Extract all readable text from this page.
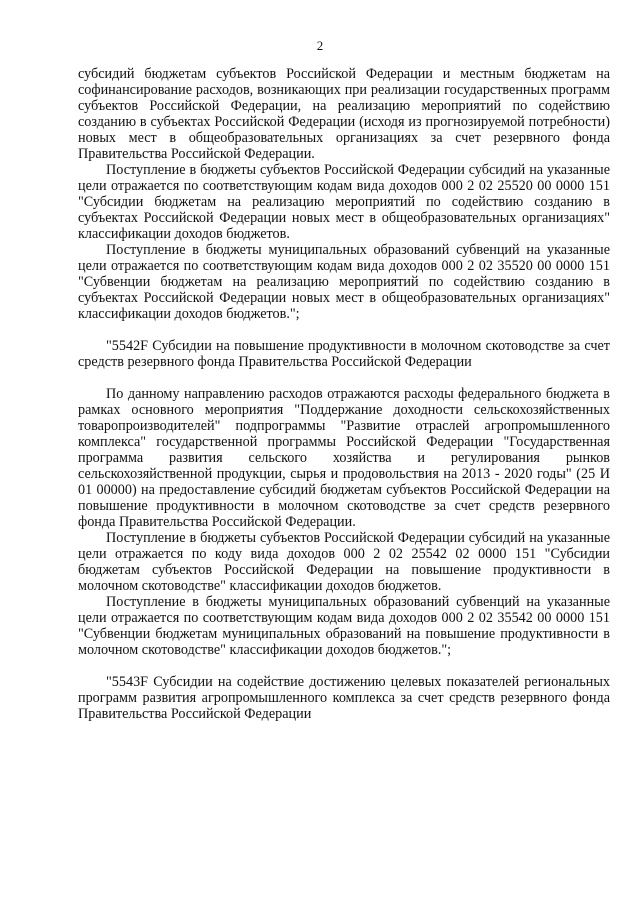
2

субсидий бюджетам субъектов Российской Федерации и местным бюджетам на софинансирование расходов, возникающих при реализации государственных программ субъектов Российской Федерации, на реализацию мероприятий по содействию созданию в субъектах Российской Федерации (исходя из прогнозируемой потребности) новых мест в общеобразовательных организациях за счет резервного фонда Правительства Российской Федерации.

Поступление в бюджеты субъектов Российской Федерации субсидий на указанные цели отражается по соответствующим кодам вида доходов 000 2 02 25520 00 0000 151 "Субсидии бюджетам на реализацию мероприятий по содействию созданию в субъектах Российской Федерации новых мест в общеобразовательных организациях" классификации доходов бюджетов.

Поступление в бюджеты муниципальных образований субвенций на указанные цели отражается по соответствующим кодам вида доходов 000 2 02 35520 00 0000 151 "Субвенции бюджетам на реализацию мероприятий по содействию созданию в субъектах Российской Федерации новых мест в общеобразовательных организациях" классификации доходов бюджетов.";

"5542F Субсидии на повышение продуктивности в молочном скотоводстве за счет средств резервного фонда Правительства Российской Федерации

По данному направлению расходов отражаются расходы федерального бюджета в рамках основного мероприятия "Поддержание доходности сельскохозяйственных товаропроизводителей" подпрограммы "Развитие отраслей агропромышленного комплекса" государственной программы Российской Федерации "Государственная программа развития сельского хозяйства и регулирования рынков сельскохозяйственной продукции, сырья и продовольствия на 2013 - 2020 годы" (25 И 01 00000) на предоставление субсидий бюджетам субъектов Российской Федерации на повышение продуктивности в молочном скотоводстве за счет средств резервного фонда Правительства Российской Федерации.

Поступление в бюджеты субъектов Российской Федерации субсидий на указанные цели отражается по коду вида доходов 000 2 02 25542 02 0000 151 "Субсидии бюджетам субъектов Российской Федерации на повышение продуктивности в молочном скотоводстве" классификации доходов бюджетов.

Поступление в бюджеты муниципальных образований субвенций на указанные цели отражается по соответствующим кодам вида доходов 000 2 02 35542 00 0000 151 "Субвенции бюджетам муниципальных образований на повышение продуктивности в молочном скотоводстве" классификации доходов бюджетов.";

"5543F Субсидии на содействие достижению целевых показателей региональных программ развития агропромышленного комплекса за счет средств резервного фонда Правительства Российской Федерации
